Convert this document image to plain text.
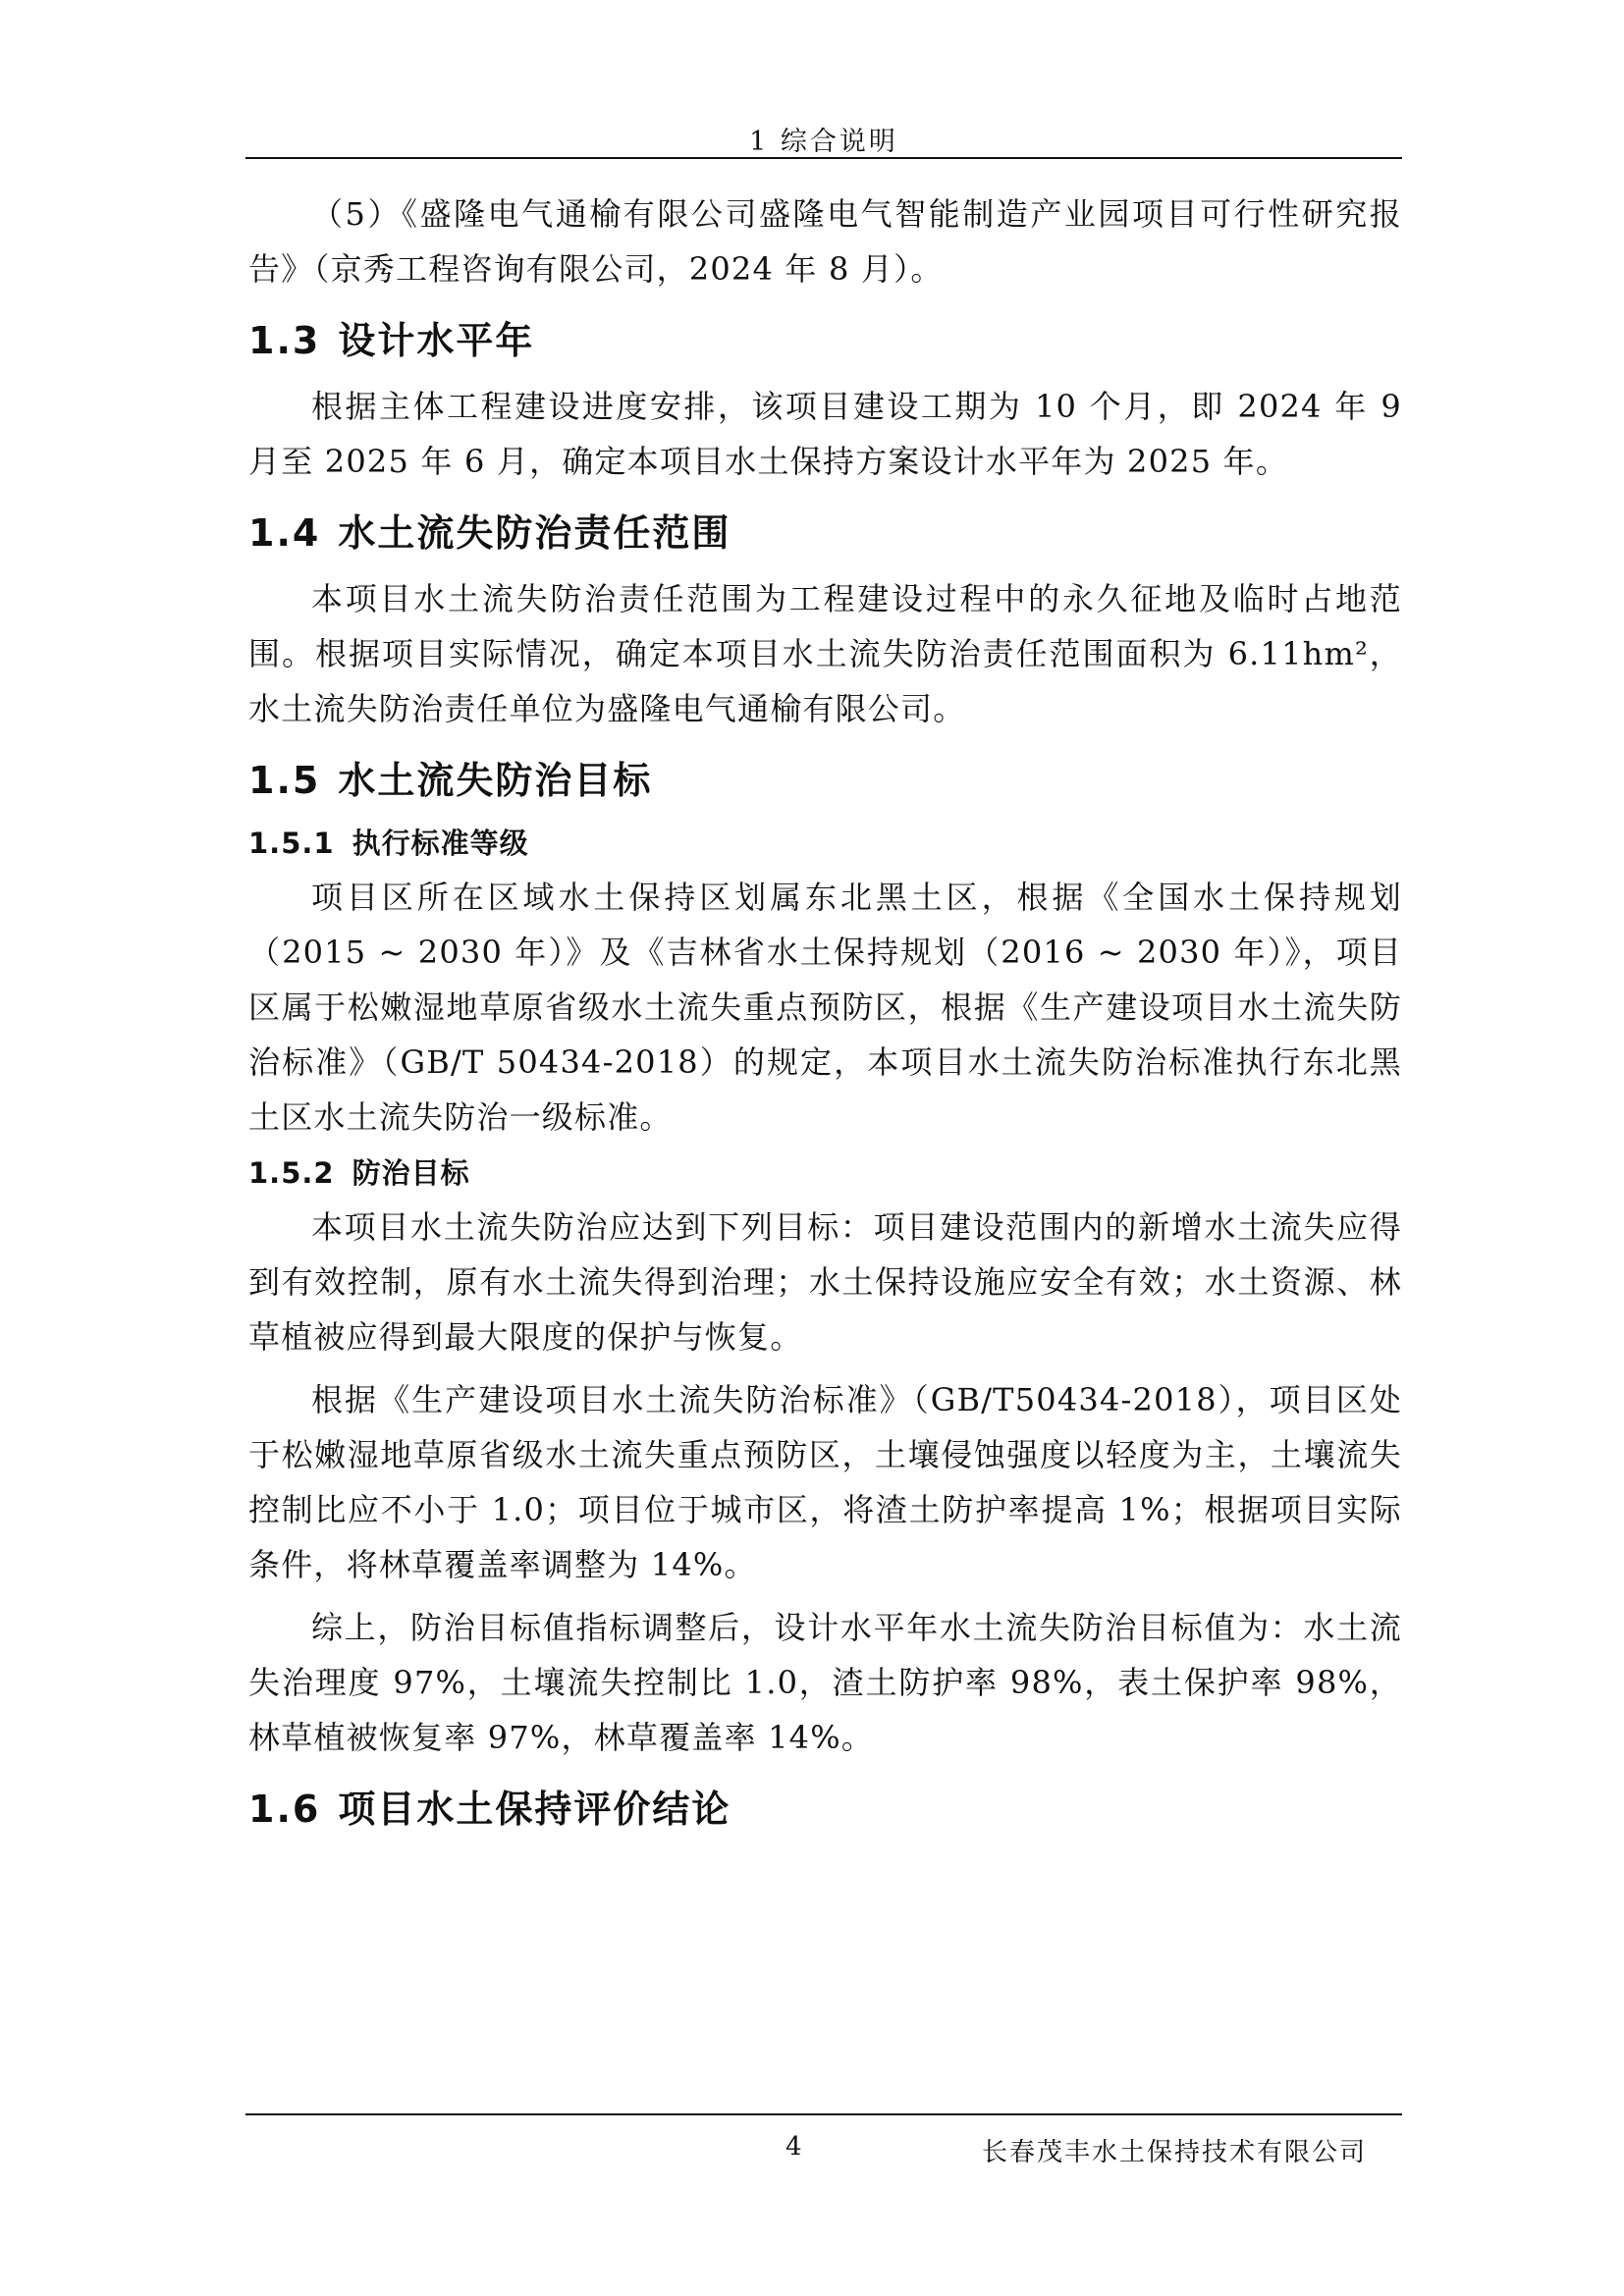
1 综合说明

（5）《盛隆电气通榆有限公司盛隆电气智能制造产业园项目可行性研究报告》（京秀工程咨询有限公司，2024 年 8 月）。

1.3 设计水平年

根据主体工程建设进度安排，该项目建设工期为 10 个月，即 2024 年 9 月至 2025 年 6 月，确定本项目水土保持方案设计水平年为 2025 年。

1.4 水土流失防治责任范围

本项目水土流失防治责任范围为工程建设过程中的永久征地及临时占地范围。根据项目实际情况，确定本项目水土流失防治责任范围面积为 6.11hm²，水土流失防治责任单位为盛隆电气通榆有限公司。

1.5 水土流失防治目标
1.5.1 执行标准等级

项目区所在区域水土保持区划属东北黑土区，根据《全国水土保持规划（2015 ~ 2030 年）》及《吉林省水土保持规划（2016 ~ 2030 年）》，项目区属于松嫩湿地草原省级水土流失重点预防区，根据《生产建设项目水土流失防治标准》（GB/T 50434-2018）的规定，本项目水土流失防治标准执行东北黑土区水土流失防治一级标准。

1.5.2 防治目标

本项目水土流失防治应达到下列目标：项目建设范围内的新增水土流失应得到有效控制，原有水土流失得到治理；水土保持设施应安全有效；水土资源、林草植被应得到最大限度的保护与恢复。

根据《生产建设项目水土流失防治标准》（GB/T50434-2018），项目区处于松嫩湿地草原省级水土流失重点预防区，土壤侵蚀强度以轻度为主，土壤流失控制比应不小于 1.0；项目位于城市区，将渣土防护率提高 1%；根据项目实际条件，将林草覆盖率调整为 14%。

综上，防治目标值指标调整后，设计水平年水土流失防治目标值为：水土流失治理度 97%，土壤流失控制比 1.0，渣土防护率 98%，表土保护率 98%，林草植被恢复率 97%，林草覆盖率 14%。

1.6 项目水土保持评价结论
4	长春茂丰水土保持技术有限公司
